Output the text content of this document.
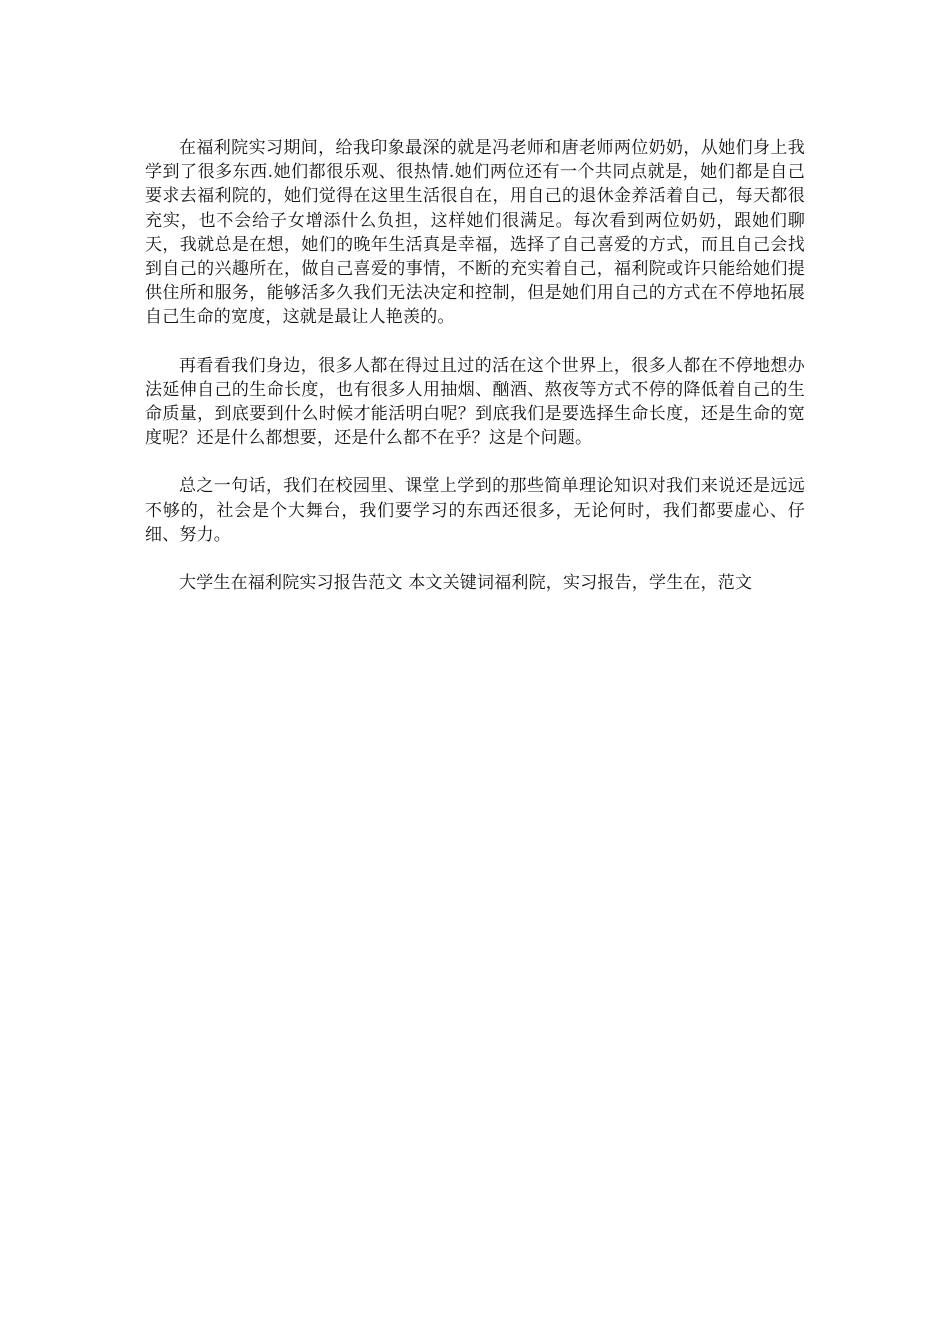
在福利院实习期间，给我印象最深的就是冯老师和唐老师两位奶奶，从她们身上我学到了很多东西.她们都很乐观、很热情.她们两位还有一个共同点就是，她们都是自己要求去福利院的，她们觉得在这里生活很自在，用自己的退休金养活着自己，每天都很充实，也不会给子女增添什么负担，这样她们很满足。每次看到两位奶奶，跟她们聊天，我就总是在想，她们的晚年生活真是幸福，选择了自己喜爱的方式，而且自己会找到自己的兴趣所在，做自己喜爱的事情，不断的充实着自己，福利院或许只能给她们提供住所和服务，能够活多久我们无法决定和控制，但是她们用自己的方式在不停地拓展自己生命的宽度，这就是最让人艳羡的。

再看看我们身边，很多人都在得过且过的活在这个世界上，很多人都在不停地想办法延伸自己的生命长度，也有很多人用抽烟、酗酒、熬夜等方式不停的降低着自己的生命质量，到底要到什么时候才能活明白呢？到底我们是要选择生命长度，还是生命的宽度呢？还是什么都想要，还是什么都不在乎？这是个问题。

总之一句话，我们在校园里、课堂上学到的那些简单理论知识对我们来说还是远远不够的，社会是个大舞台，我们要学习的东西还很多，无论何时，我们都要虚心、仔细、努力。

大学生在福利院实习报告范文 本文关键词福利院，实习报告，学生在，范文
